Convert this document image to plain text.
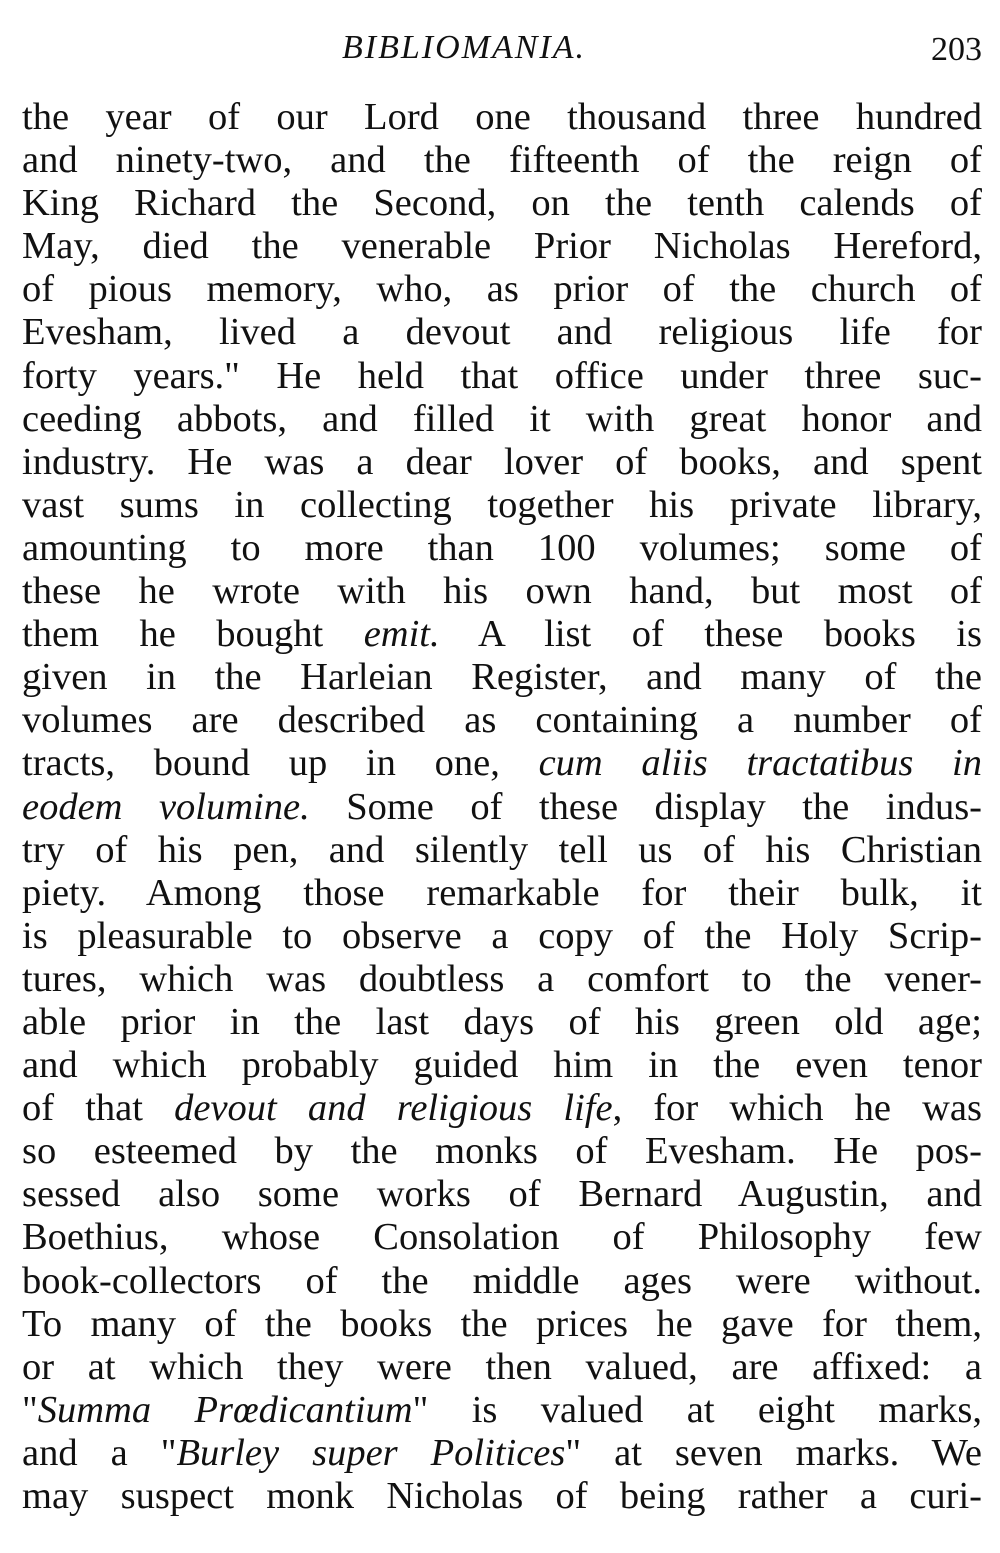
BIBLIOMANIA.	203
the year of our Lord one thousand three hundred
and ninety-two, and the fifteenth of the reign of
King Richard the Second, on the tenth calends of
May, died the venerable Prior Nicholas Hereford,
of pious memory, who, as prior of the church of
Evesham, lived a devout and religious life for
forty years." He held that office under three suc-
ceeding abbots, and filled it with great honor and
industry. He was a dear lover of books, and spent
vast sums in collecting together his private library,
amounting to more than 100 volumes; some of
these he wrote with his own hand, but most of
them he bought emit. A list of these books is
given in the Harleian Register, and many of the
volumes are described as containing a number of
tracts, bound up in one, cum aliis tractatibus in
eodem volumine. Some of these display the indus-
try of his pen, and silently tell us of his Christian
piety. Among those remarkable for their bulk, it
is pleasurable to observe a copy of the Holy Scrip-
tures, which was doubtless a comfort to the vener-
able prior in the last days of his green old age;
and which probably guided him in the even tenor
of that devout and religious life, for which he was
so esteemed by the monks of Evesham. He pos-
sessed also some works of Bernard Augustin, and
Boethius, whose Consolation of Philosophy few
book-collectors of the middle ages were without.
To many of the books the prices he gave for them,
or at which they were then valued, are affixed: a
"Summa Prœdicantium" is valued at eight marks,
and a "Burley super Politices" at seven marks. We
may suspect monk Nicholas of being rather a curi-
